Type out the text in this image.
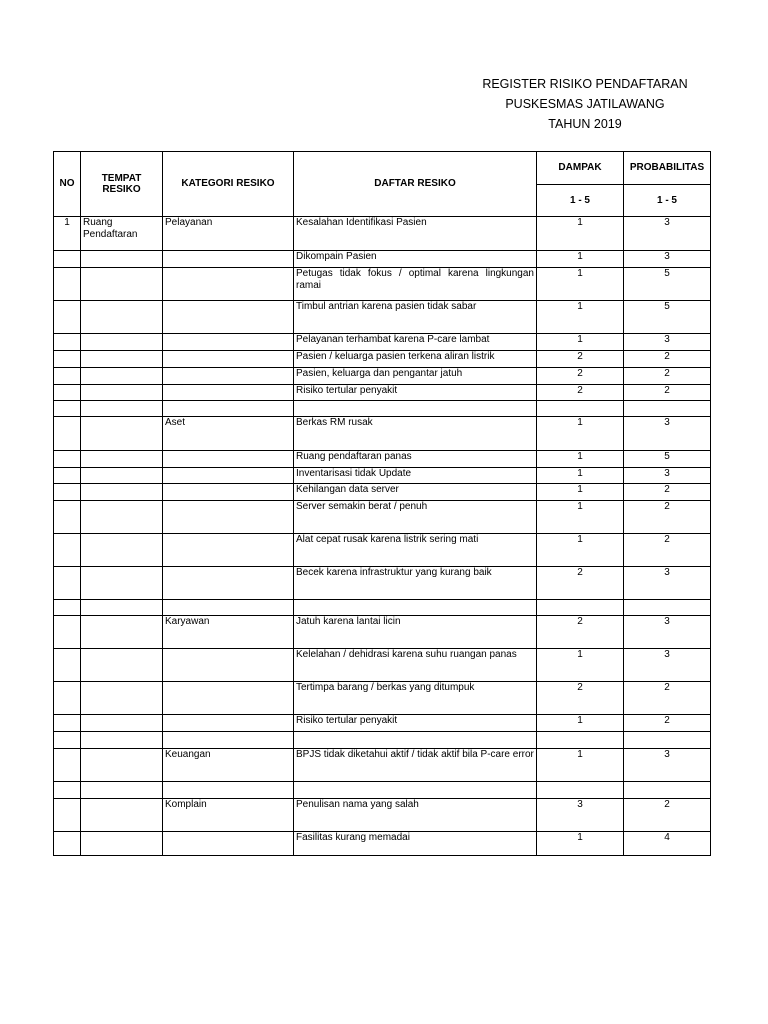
REGISTER RISIKO PENDAFTARAN
PUSKESMAS JATILAWANG
TAHUN 2019
NO	TEMPAT RESIKO	KATEGORI RESIKO	DAFTAR RESIKO	DAMPAK	PROBABILITAS
				1 - 5	1 - 5
1	Ruang Pendaftaran	Pelayanan	Kesalahan Identifikasi Pasien	1	3
			Dikompain Pasien	1	3
			Petugas tidak fokus / optimal karena lingkungan ramai	1	5
			Timbul antrian karena pasien tidak sabar	1	5
			Pelayanan terhambat karena P-care lambat	1	3
			Pasien / keluarga pasien terkena aliran listrik	2	2
			Pasien, keluarga dan pengantar jatuh	2	2
			Risiko tertular penyakit	2	2

		Aset	Berkas RM rusak	1	3
			Ruang pendaftaran panas	1	5
			Inventarisasi tidak Update	1	3
			Kehilangan data server	1	2
			Server semakin berat / penuh	1	2
			Alat cepat rusak karena listrik sering mati	1	2
			Becek karena infrastruktur yang kurang baik	2	3

		Karyawan	Jatuh karena lantai licin	2	3
			Kelelahan / dehidrasi karena suhu ruangan panas	1	3
			Tertimpa barang / berkas yang ditumpuk	2	2
			Risiko tertular penyakit	1	2

		Keuangan	BPJS tidak diketahui aktif / tidak aktif bila P-care error	1	3

		Komplain	Penulisan nama yang salah	3	2
			Fasilitas kurang memadai	1	4
